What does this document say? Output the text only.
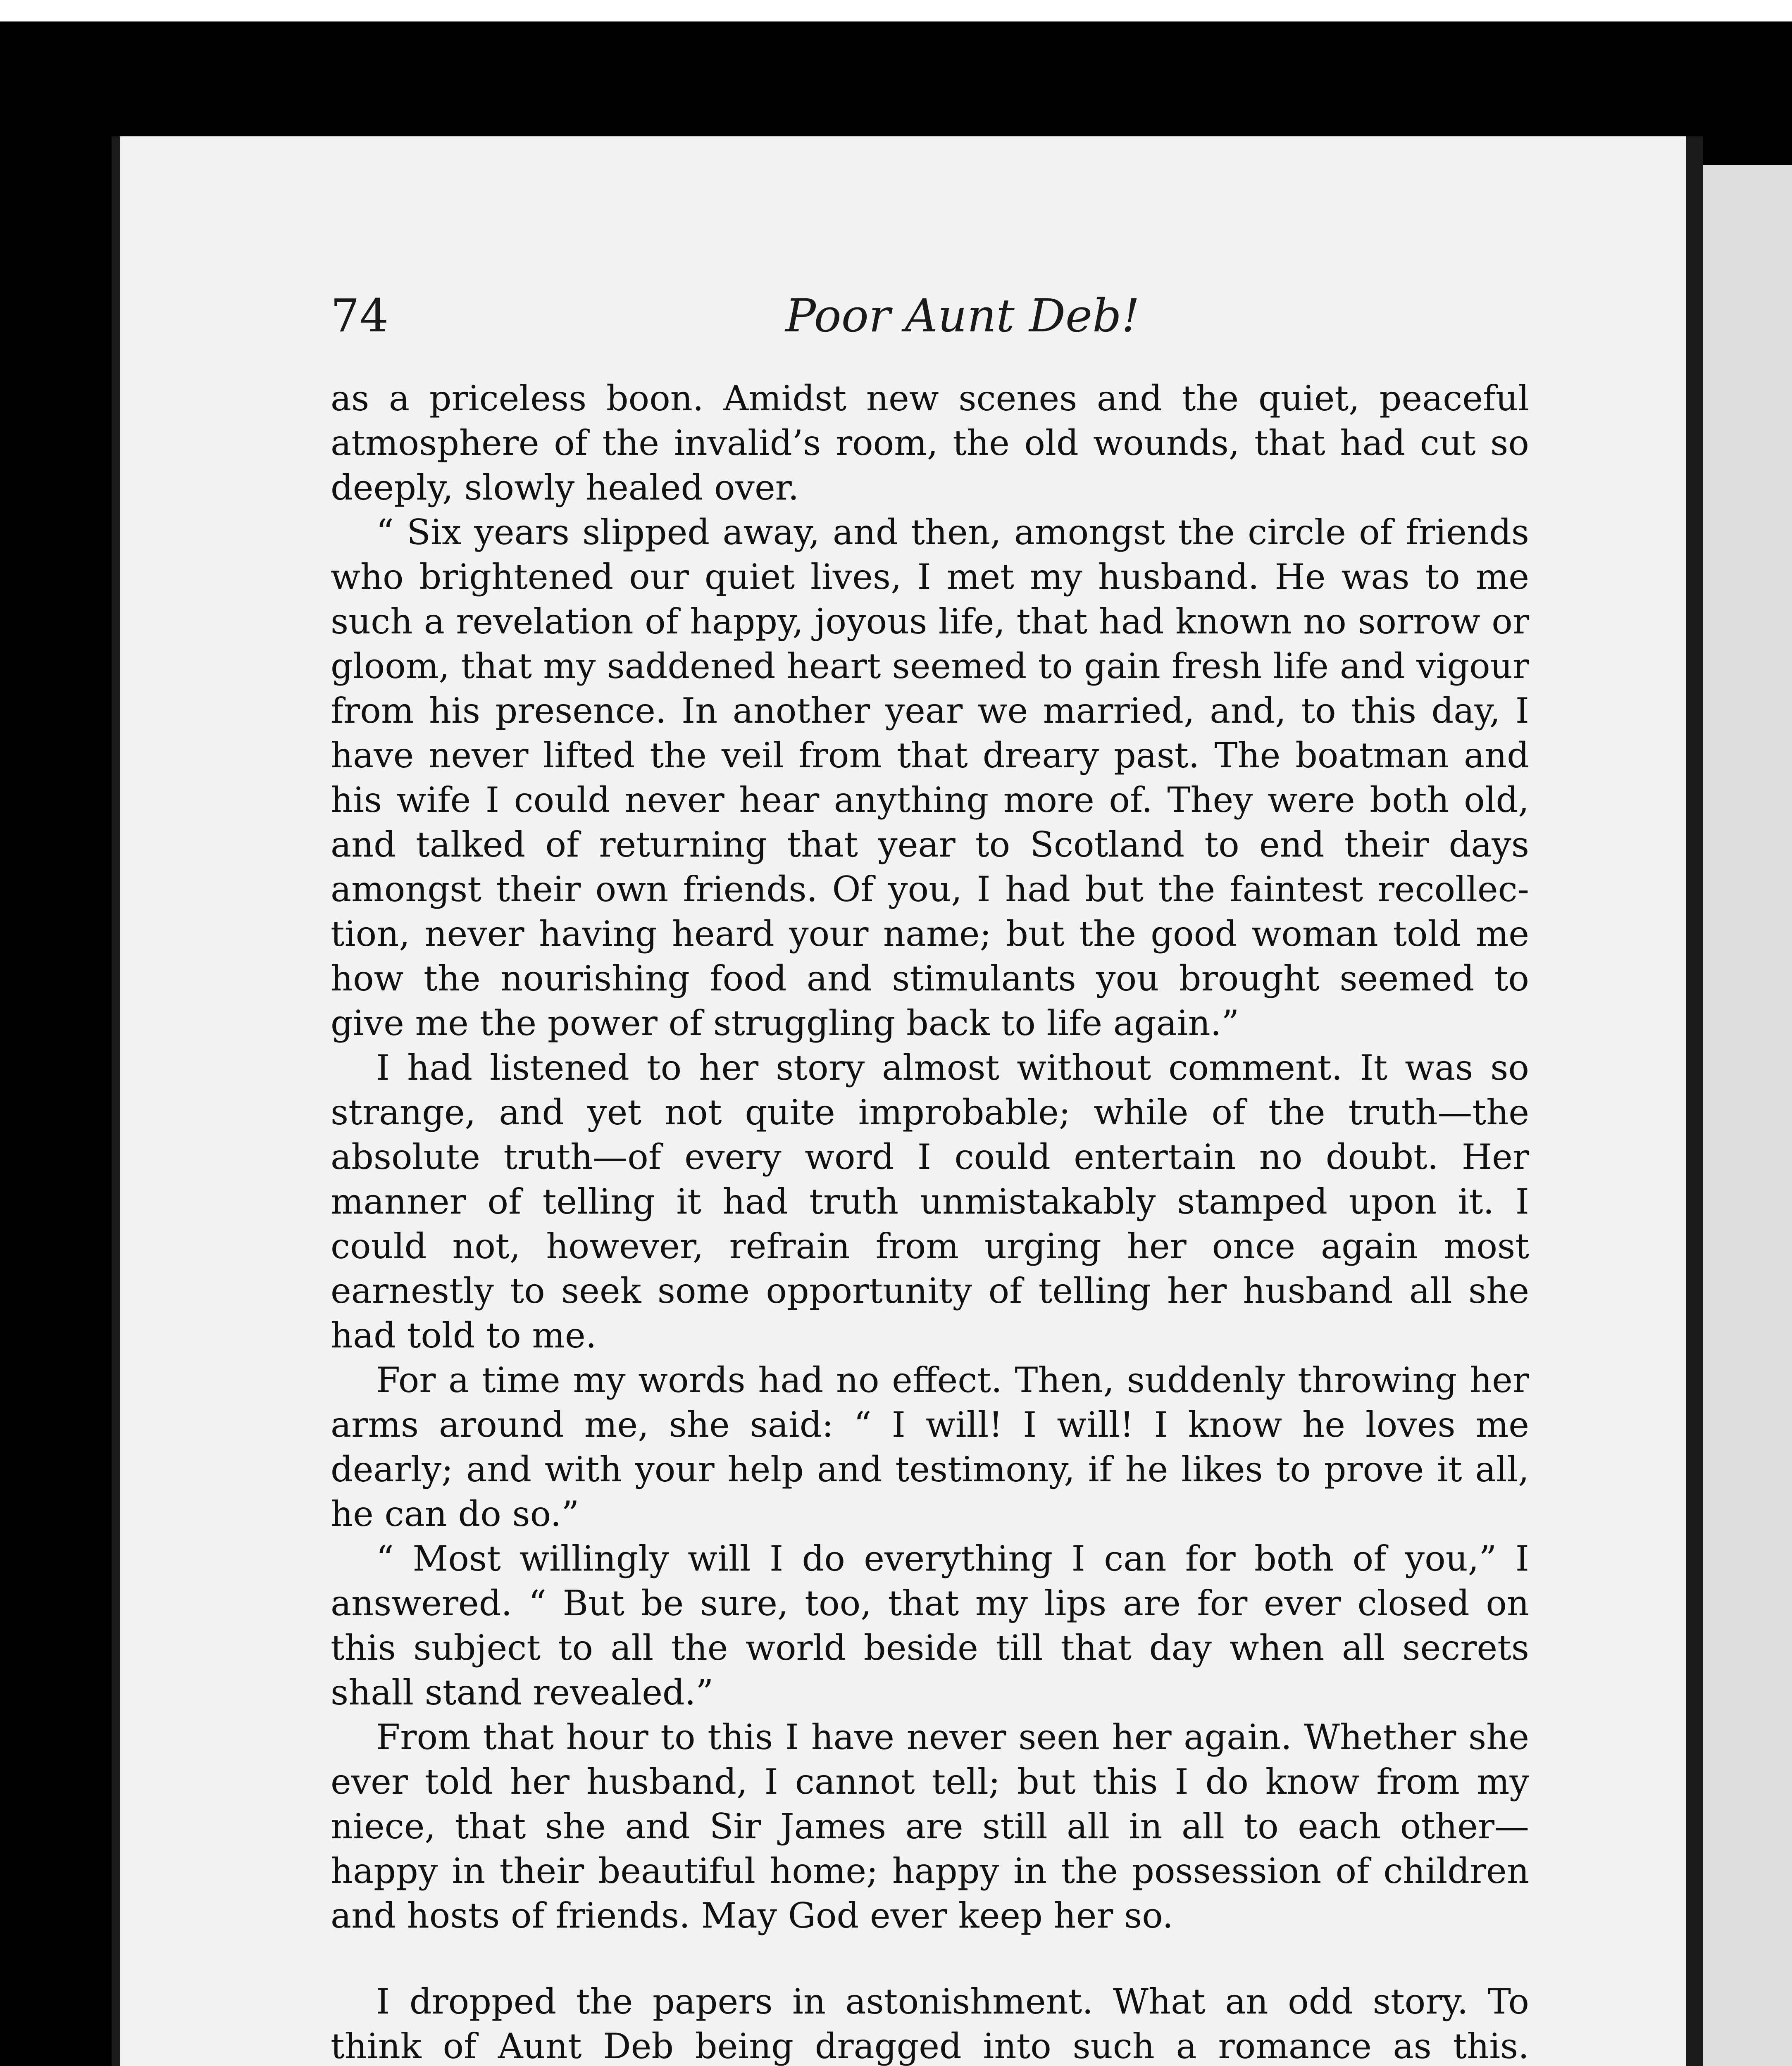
74	Poor Aunt Deb!

as a priceless boon. Amidst new scenes and the quiet, peaceful atmosphere of the invalid’s room, the old wounds, that had cut so deeply, slowly healed over.

“ Six years slipped away, and then, amongst the circle of friends who brightened our quiet lives, I met my husband. He was to me such a revelation of happy, joyous life, that had known no sorrow or gloom, that my saddened heart seemed to gain fresh life and vigour from his presence. In another year we married, and, to this day, I have never lifted the veil from that dreary past. The boatman and his wife I could never hear anything more of. They were both old, and talked of returning that year to Scotland to end their days amongst their own friends. Of you, I had but the faintest recollec-tion, never having heard your name; but the good woman told me how the nourishing food and stimulants you brought seemed to give me the power of struggling back to life again.”

I had listened to her story almost without comment. It was so strange, and yet not quite improbable; while of the truth—the absolute truth—of every word I could entertain no doubt. Her manner of telling it had truth unmistakably stamped upon it. I could not, however, refrain from urging her once again most earnestly to seek some opportunity of telling her husband all she had told to me.

For a time my words had no effect. Then, suddenly throwing her arms around me, she said: “ I will! I will! I know he loves me dearly; and with your help and testimony, if he likes to prove it all, he can do so.”

“ Most willingly will I do everything I can for both of you,” I answered. “ But be sure, too, that my lips are for ever closed on this subject to all the world beside till that day when all secrets shall stand revealed.”

From that hour to this I have never seen her again. Whether she ever told her husband, I cannot tell; but this I do know from my niece, that she and Sir James are still all in all to each other—happy in their beautiful home; happy in the possession of children and hosts of friends. May God ever keep her so.

I dropped the papers in astonishment. What an odd story. To think of Aunt Deb being dragged into such a romance as this.
